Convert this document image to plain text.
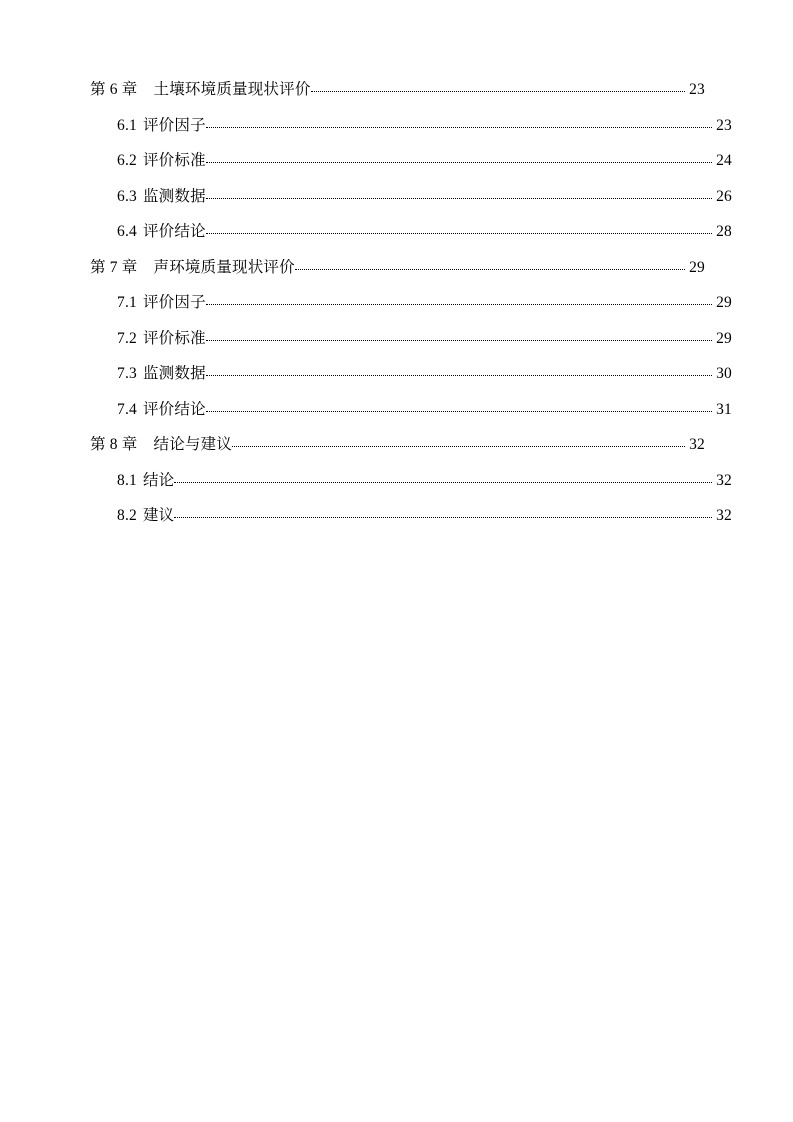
第 6 章 土壤环境质量现状评价	23
6.1 评价因子	23
6.2 评价标准	24
6.3 监测数据	26
6.4 评价结论	28
第 7 章 声环境质量现状评价	29
7.1 评价因子	29
7.2 评价标准	29
7.3 监测数据	30
7.4 评价结论	31
第 8 章 结论与建议	32
8.1 结论	32
8.2 建议	32
